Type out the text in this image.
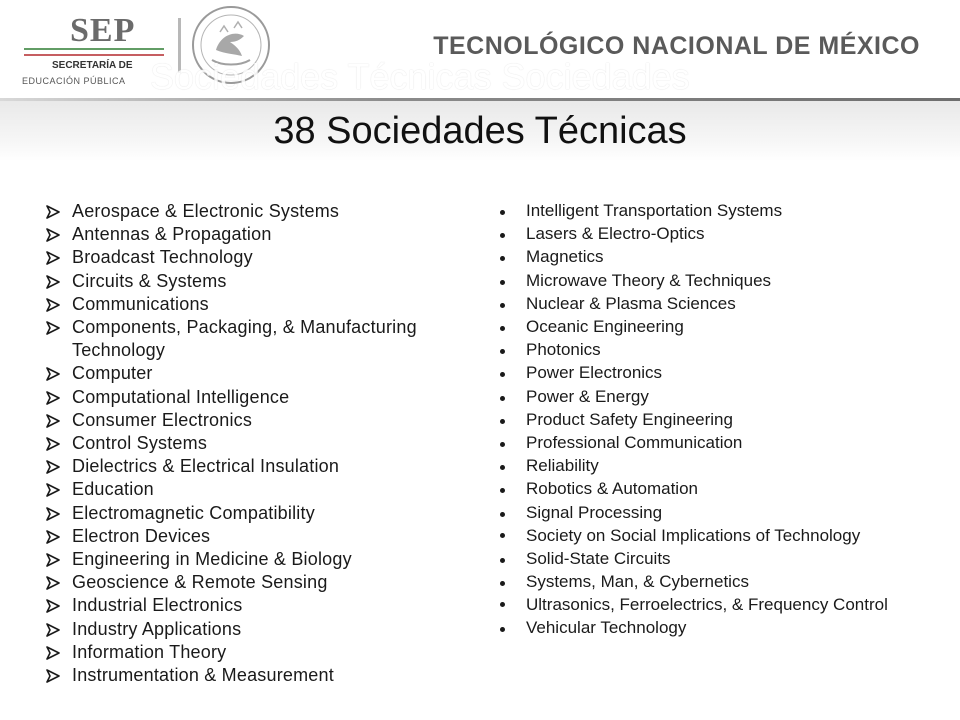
SEP
SECRETARÍA DE
EDUCACIÓN PÚBLICA Sociedades Técnicas Sociedades
TECNOLÓGICO NACIONAL DE MÉXICO
38 Sociedades Técnicas
Aerospace & Electronic Systems
Antennas & Propagation
Broadcast Technology
Circuits & Systems
Communications
Components, Packaging, & Manufacturing Technology
Computer
Computational Intelligence
Consumer Electronics
Control Systems
Dielectrics & Electrical Insulation
Education
Electromagnetic Compatibility
Electron Devices
Engineering in Medicine & Biology
Geoscience & Remote Sensing
Industrial Electronics
Industry Applications
Information Theory
Instrumentation & Measurement
Intelligent Transportation Systems
Lasers & Electro-Optics
Magnetics
Microwave Theory & Techniques
Nuclear & Plasma Sciences
Oceanic Engineering
Photonics
Power Electronics
Power & Energy
Product Safety Engineering
Professional Communication
Reliability
Robotics & Automation
Signal Processing
Society on Social Implications of Technology
Solid-State Circuits
Systems, Man, & Cybernetics
Ultrasonics, Ferroelectrics, & Frequency Control
Vehicular Technology
